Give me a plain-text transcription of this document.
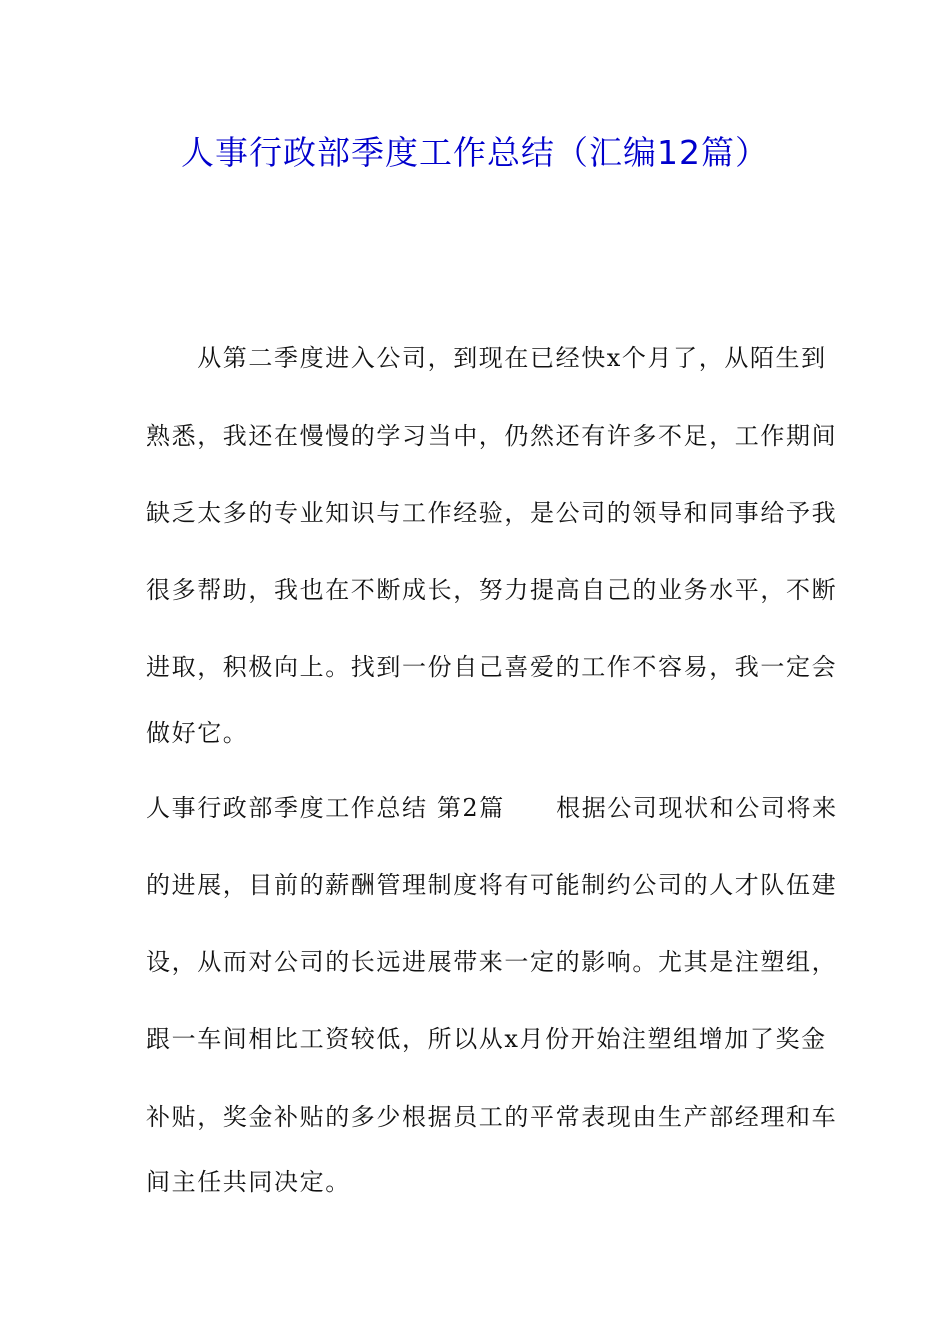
人事行政部季度工作总结（汇编12篇）
　　从第二季度进入公司，到现在已经快x个月了，从陌生到
熟悉，我还在慢慢的学习当中，仍然还有许多不足，工作期间
缺乏太多的专业知识与工作经验，是公司的领导和同事给予我
很多帮助，我也在不断成长，努力提高自己的业务水平，不断
进取，积极向上。找到一份自己喜爱的工作不容易，我一定会
做好它。
人事行政部季度工作总结 第2篇　　根据公司现状和公司将来
的进展，目前的薪酬管理制度将有可能制约公司的人才队伍建
设，从而对公司的长远进展带来一定的影响。尤其是注塑组，
跟一车间相比工资较低，所以从x月份开始注塑组增加了奖金
补贴，奖金补贴的多少根据员工的平常表现由生产部经理和车
间主任共同决定。
